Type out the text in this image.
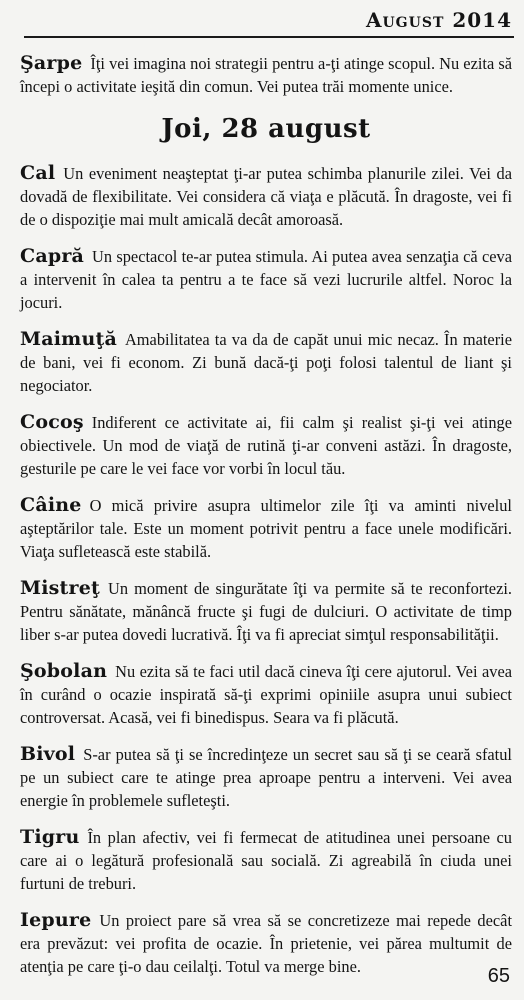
August 2014

Şarpe Îţi vei imagina noi strategii pentru a-ţi atinge scopul. Nu ezita să începi o activitate ieşită din comun. Vei putea trăi momente unice.

Joi, 28 august

Cal Un eveniment neaşteptat ţi-ar putea schimba planurile zilei. Vei da dovadă de flexibilitate. Vei considera că viaţa e plăcută. În dragoste, vei fi de o dispoziţie mai mult amicală decât amoroasă.

Capră Un spectacol te-ar putea stimula. Ai putea avea senzaţia că ceva a intervenit în calea ta pentru a te face să vezi lucrurile altfel. Noroc la jocuri.

Maimuţă Amabilitatea ta va da de capăt unui mic necaz. În materie de bani, vei fi econom. Zi bună dacă-ţi poţi folosi talentul de liant şi negociator.

Cocoş Indiferent ce activitate ai, fii calm şi realist şi-ţi vei atinge obiectivele. Un mod de viaţă de rutină ţi-ar conveni astăzi. În dragoste, gesturile pe care le vei face vor vorbi în locul tău.

Câine O mică privire asupra ultimelor zile îţi va aminti nivelul aşteptărilor tale. Este un moment potrivit pentru a face unele modificări. Viaţa sufletească este stabilă.

Mistreţ Un moment de singurătate îţi va permite să te reconfortezi. Pentru sănătate, mănâncă fructe şi fugi de dulciuri. O activitate de timp liber s-ar putea dovedi lucrativă. Îţi va fi apreciat simţul responsabilităţii.

Şobolan Nu ezita să te faci util dacă cineva îţi cere ajutorul. Vei avea în curând o ocazie inspirată să-ţi exprimi opiniile asupra unui subiect controversat. Acasă, vei fi binedispus. Seara va fi plăcută.

Bivol S-ar putea să ţi se încredinţeze un secret sau să ţi se ceară sfatul pe un subiect care te atinge prea aproape pentru a interveni. Vei avea energie în problemele sufleteşti.

Tigru În plan afectiv, vei fi fermecat de atitudinea unei persoane cu care ai o legătură profesională sau socială. Zi agreabilă în ciuda unei furtuni de treburi.

Iepure Un proiect pare să vrea să se concretizeze mai repede decât era prevăzut: vei profita de ocazie. În prietenie, vei părea multumit de atenţia pe care ţi-o dau ceilalţi. Totul va merge bine.	65
